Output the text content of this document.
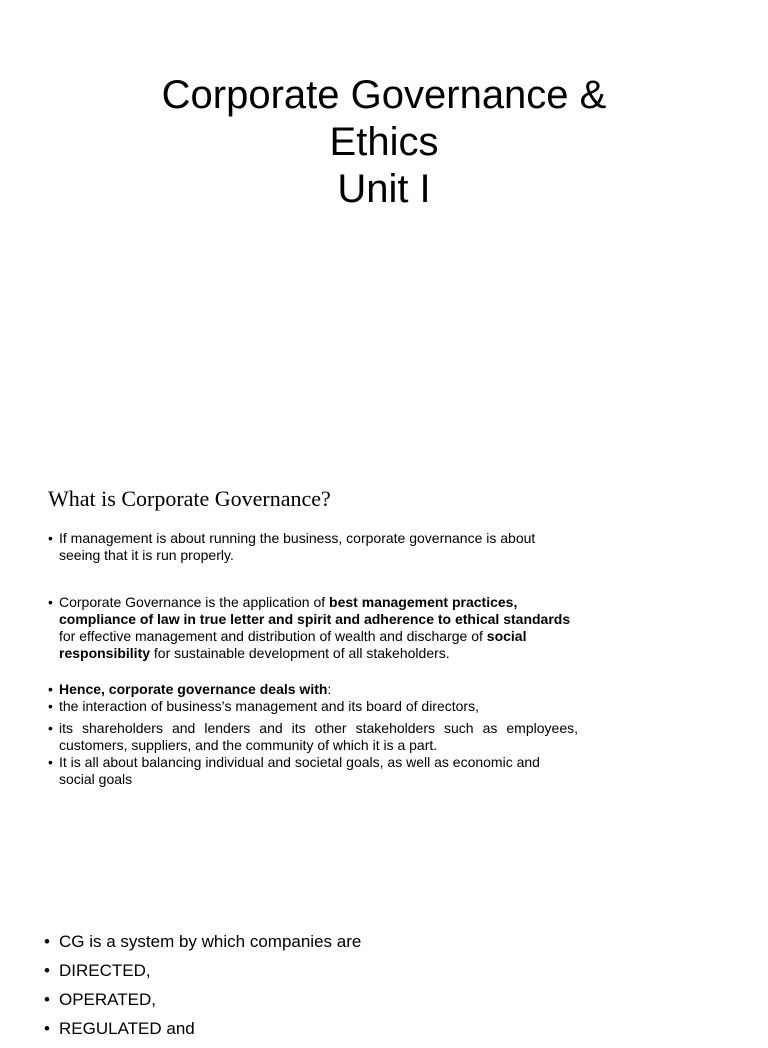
Corporate Governance &
Ethics
Unit I
What is Corporate Governance?
• If management is about running the business, corporate governance is about seeing that it is run properly.
• Corporate Governance is the application of best management practices, compliance of law in true letter and spirit and adherence to ethical standards for effective management and distribution of wealth and discharge of social responsibility for sustainable development of all stakeholders.
• Hence, corporate governance deals with:
• the interaction of business’s management and its board of directors,
• its shareholders and lenders and its other stakeholders such as employees, customers, suppliers, and the community of which it is a part.
• It is all about balancing individual and societal goals, as well as economic and social goals
• CG is a system by which companies are
• DIRECTED,
• OPERATED,
• REGULATED and
